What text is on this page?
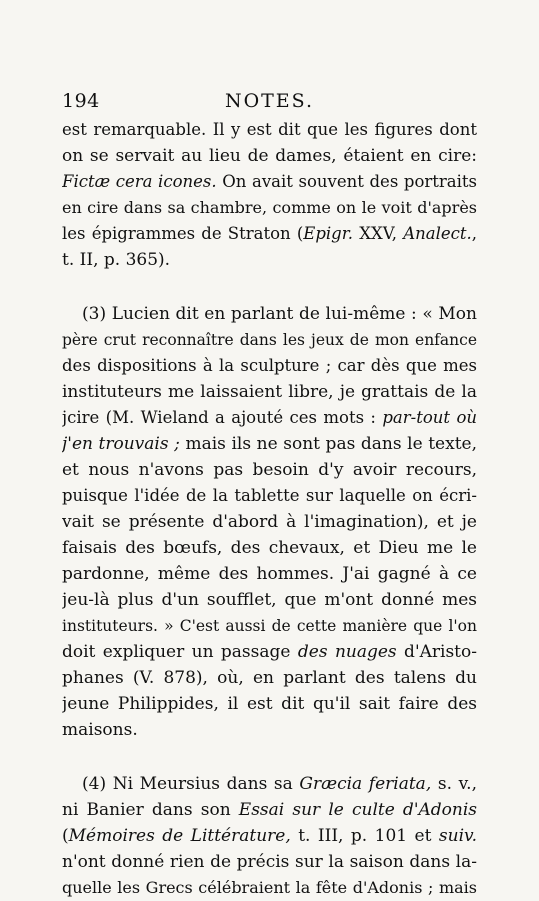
194	NOTES.
est remarquable. Il y est dit que les figures dont
on se servait au lieu de dames, étaient en cire:
Fictæ cera icones. On avait souvent des portraits
en cire dans sa chambre, comme on le voit d'après
les épigrammes de Straton (Epigr. XXV, Analect.,
t. II, p. 365).
(3) Lucien dit en parlant de lui-même : « Mon
père crut reconnaître dans les jeux de mon enfance
des dispositions à la sculpture ; car dès que mes
instituteurs me laissaient libre, je grattais de la
jcire (M. Wieland a ajouté ces mots : par-tout où
j'en trouvais ; mais ils ne sont pas dans le texte,
et nous n'avons pas besoin d'y avoir recours,
puisque l'idée de la tablette sur laquelle on écri-
vait se présente d'abord à l'imagination), et je
faisais des bœufs, des chevaux, et Dieu me le
pardonne, même des hommes. J'ai gagné à ce
jeu-là plus d'un soufflet, que m'ont donné mes
instituteurs. » C'est aussi de cette manière que l'on
doit expliquer un passage des nuages d'Aristo-
phanes (V. 878), où, en parlant des talens du
jeune Philippides, il est dit qu'il sait faire des
maisons.
(4) Ni Meursius dans sa Græcia feriata, s. v.,
ni Banier dans son Essai sur le culte d'Adonis
(Mémoires de Littérature, t. III, p. 101 et suiv.
n'ont donné rien de précis sur la saison dans la-
quelle les Grecs célébraient la fête d'Adonis ; mais
